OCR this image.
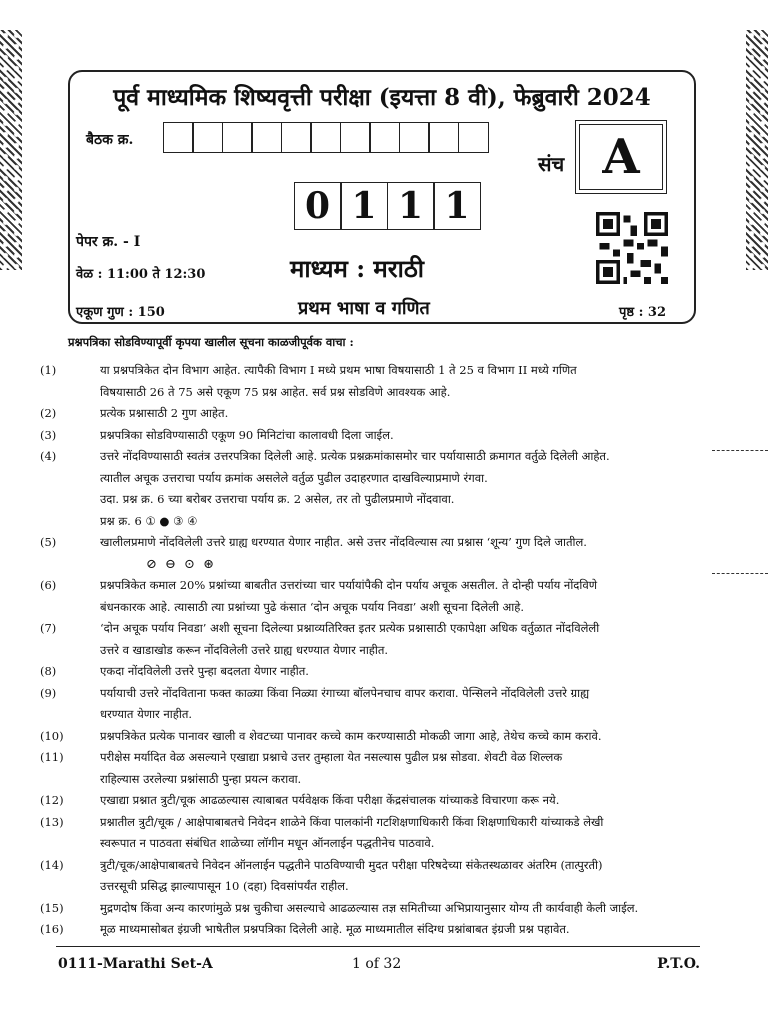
पूर्व माध्यमिक शिष्यवृत्ती परीक्षा (इयत्ता 8 वी), फेब्रुवारी 2024
बैठक क्र.
संच A
0 1 1 1
पेपर क्र. - I
वेळ : 11:00 ते 12:30	माध्यम : मराठी
प्रथम भाषा व गणित
एकूण गुण : 150	पृष्ठ : 32
प्रश्नपत्रिका सोडविण्यापूर्वी कृपया खालील सूचना काळजीपूर्वक वाचा :
(1)	या प्रश्नपत्रिकेत दोन विभाग आहेत. त्यापैकी विभाग I मध्ये प्रथम भाषा विषयासाठी 1 ते 25 व विभाग II मध्ये गणित
विषयासाठी 26 ते 75 असे एकूण 75 प्रश्न आहेत. सर्व प्रश्न सोडविणे आवश्यक आहे.
(2)	प्रत्येक प्रश्नासाठी 2 गुण आहेत.
(3)	प्रश्नपत्रिका सोडविण्यासाठी एकूण 90 मिनिटांचा कालावधी दिला जाईल.
(4)	उत्तरे नोंदविण्यासाठी स्वतंत्र उत्तरपत्रिका दिलेली आहे. प्रत्येक प्रश्नक्रमांकासमोर चार पर्यायासाठी क्रमागत वर्तुळे दिलेली आहेत.
त्यातील अचूक उत्तराचा पर्याय क्रमांक असलेले वर्तुळ पुढील उदाहरणात दाखविल्याप्रमाणे रंगवा.
उदा. प्रश्न क्र. 6 च्या बरोबर उत्तराचा पर्याय क्र. 2 असेल, तर तो पुढीलप्रमाणे नोंदवावा.
प्रश्न क्र. 6 ① ● ③ ④
(5)	खालीलप्रमाणे नोंदविलेली उत्तरे ग्राह्य धरण्यात येणार नाहीत. असे उत्तर नोंदविल्यास त्या प्रश्नास ‘शून्य’ गुण दिले जातील.
⊘ ⊖ ⊙ ⊛
(6)	प्रश्नपत्रिकेत कमाल 20% प्रश्नांच्या बाबतीत उत्तरांच्या चार पर्यायांपैकी दोन पर्याय अचूक असतील. ते दोन्ही पर्याय नोंदविणे
बंधनकारक आहे. त्यासाठी त्या प्रश्नांच्या पुढे कंसात ‘दोन अचूक पर्याय निवडा’ अशी सूचना दिलेली आहे.
(7)	‘दोन अचूक पर्याय निवडा’ अशी सूचना दिलेल्या प्रश्नाव्यतिरिक्त इतर प्रत्येक प्रश्नासाठी एकापेक्षा अधिक वर्तुळात नोंदविलेली
उत्तरे व खाडाखोड करून नोंदविलेली उत्तरे ग्राह्य धरण्यात येणार नाहीत.
(8)	एकदा नोंदविलेली उत्तरे पुन्हा बदलता येणार नाहीत.
(9)	पर्यायाची उत्तरे नोंदविताना फक्त काळ्या किंवा निळ्या रंगाच्या बॉलपेनचाच वापर करावा. पेन्सिलने नोंदविलेली उत्तरे ग्राह्य
धरण्यात येणार नाहीत.
(10)	प्रश्नपत्रिकेत प्रत्येक पानावर खाली व शेवटच्या पानावर कच्चे काम करण्यासाठी मोकळी जागा आहे, तेथेच कच्चे काम करावे.
(11)	परीक्षेस मर्यादित वेळ असल्याने एखाद्या प्रश्नाचे उत्तर तुम्हाला येत नसल्यास पुढील प्रश्न सोडवा. शेवटी वेळ शिल्लक
राहिल्यास उरलेल्या प्रश्नांसाठी पुन्हा प्रयत्न करावा.
(12)	एखाद्या प्रश्नात त्रुटी/चूक आढळल्यास त्याबाबत पर्यवेक्षक किंवा परीक्षा केंद्रसंचालक यांच्याकडे विचारणा करू नये.
(13)	प्रश्नातील त्रुटी/चूक / आक्षेपाबाबतचे निवेदन शाळेने किंवा पालकांनी गटशिक्षणाधिकारी किंवा शिक्षणाधिकारी यांच्याकडे लेखी
स्वरूपात न पाठवता संबंधित शाळेच्या लॉगीन मधून ऑनलाईन पद्धतीनेच पाठवावे.
(14)	त्रुटी/चूक/आक्षेपाबाबतचे निवेदन ऑनलाईन पद्धतीने पाठविण्याची मुदत परीक्षा परिषदेच्या संकेतस्थळावर अंतरिम (तात्पुरती)
उत्तरसूची प्रसिद्ध झाल्यापासून 10 (दहा) दिवसांपर्यंत राहील.
(15)	मुद्रणदोष किंवा अन्य कारणांमुळे प्रश्न चुकीचा असल्याचे आढळल्यास तज्ञ समितीच्या अभिप्रायानुसार योग्य ती कार्यवाही केली जाईल.
(16)	मूळ माध्यमासोबत इंग्रजी भाषेतील प्रश्नपत्रिका दिलेली आहे. मूळ माध्यमातील संदिग्ध प्रश्नांबाबत इंग्रजी प्रश्न पहावेत.
0111-Marathi Set-A	1 of 32	P.T.O.
